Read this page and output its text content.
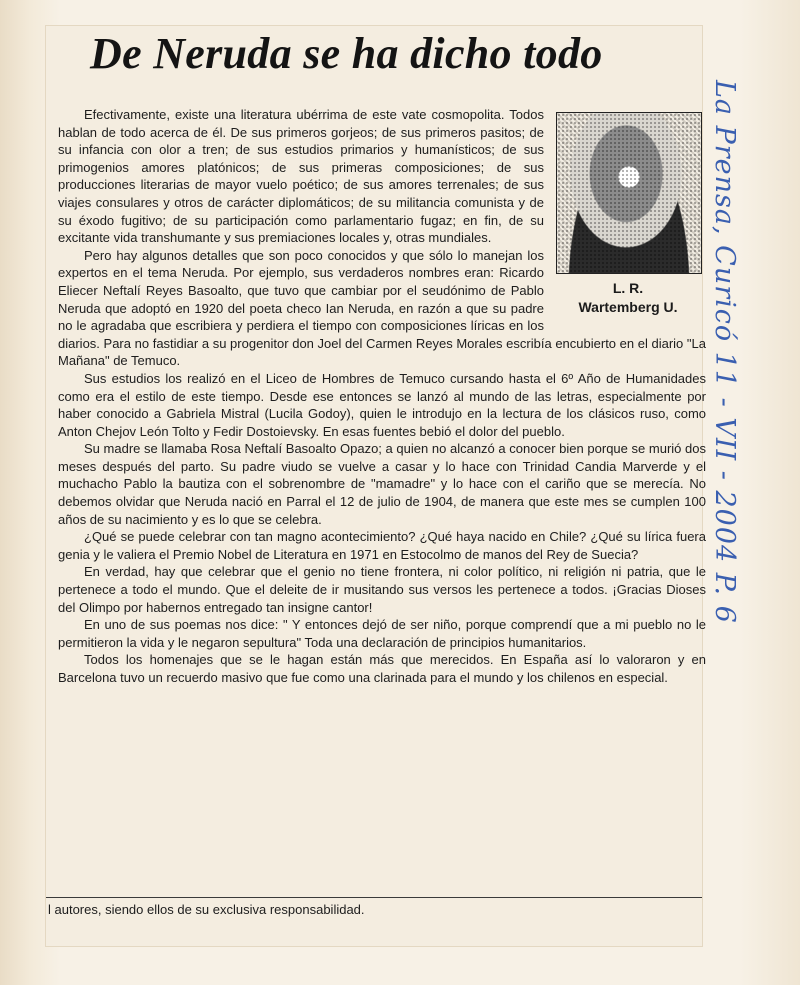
De Neruda se ha dicho todo
L. R.
Wartemberg U.

Efectivamente, existe una literatura ubérrima de este vate cosmopolita. Todos hablan de todo acerca de él. De sus primeros gorjeos; de sus primeros pasitos; de su infancia con olor a tren; de sus estudios primarios y humanísticos; de sus primogenios amores platónicos; de sus primeras composiciones; de sus producciones literarias de mayor vuelo poético; de sus amores terrenales; de sus viajes consulares y otros de carácter diplomáticos; de su militancia comunista y de su éxodo fugitivo; de su participación como parlamentario fugaz; en fin, de su excitante vida transhumante y sus premiaciones locales y, otras mundiales.

Pero hay algunos detalles que son poco conocidos y que sólo lo manejan los expertos en el tema Neruda. Por ejemplo, sus verdaderos nombres eran: Ricardo Eliecer Neftalí Reyes Basoalto, que tuvo que cambiar por el seudónimo de Pablo Neruda que adoptó en 1920 del poeta checo Ian Neruda, en razón a que su padre no le agradaba que escribiera y perdiera el tiempo con composiciones líricas en los diarios. Para no fastidiar a su progenitor don Joel del Carmen Reyes Morales escribía encubierto en el diario "La Mañana" de Temuco.

Sus estudios los realizó en el Liceo de Hombres de Temuco cursando hasta el 6º Año de Humanidades como era el estilo de este tiempo. Desde ese entonces se lanzó al mundo de las letras, especialmente por haber conocido a Gabriela Mistral (Lucila Godoy), quien le introdujo en la lectura de los clásicos ruso, como Anton Chejov León Tolto y Fedir Dostoievsky. En esas fuentes bebió el dolor del pueblo.

Su madre se llamaba Rosa Neftalí Basoalto Opazo; a quien no alcanzó a conocer bien porque se murió dos meses después del parto. Su padre viudo se vuelve a casar y lo hace con Trinidad Candia Marverde y el muchacho Pablo la bautiza con el sobrenombre de "mamadre" y lo hace con el cariño que se merecía. No debemos olvidar que Neruda nació en Parral el 12 de julio de 1904, de manera que este mes se cumplen 100 años de su nacimiento y es lo que se celebra.

¿Qué se puede celebrar con tan magno acontecimiento? ¿Qué haya nacido en Chile? ¿Qué su lírica fuera genia y le valiera el Premio Nobel de Literatura en 1971 en Estocolmo de manos del Rey de Suecia?

En verdad, hay que celebrar que el genio no tiene frontera, ni color político, ni religión ni patria, que le pertenece a todo el mundo. Que el deleite de ir musitando sus versos les pertenece a todos. ¡Gracias Dioses del Olimpo por habernos entregado tan insigne cantor!

En uno de sus poemas nos dice: " Y entonces dejó de ser niño, porque comprendí que a mi pueblo no le permitieron la vida y le negaron sepultura" Toda una declaración de principios humanitarios.

Todos los homenajes que se le hagan están más que merecidos. En España así lo valoraron y en Barcelona tuvo un recuerdo masivo que fue como una clarinada para el mundo y los chilenos en especial.

l autores, siendo ellos de su exclusiva responsabilidad.
La Prensa, Curicó 11 - VII - 2004 P. 6
